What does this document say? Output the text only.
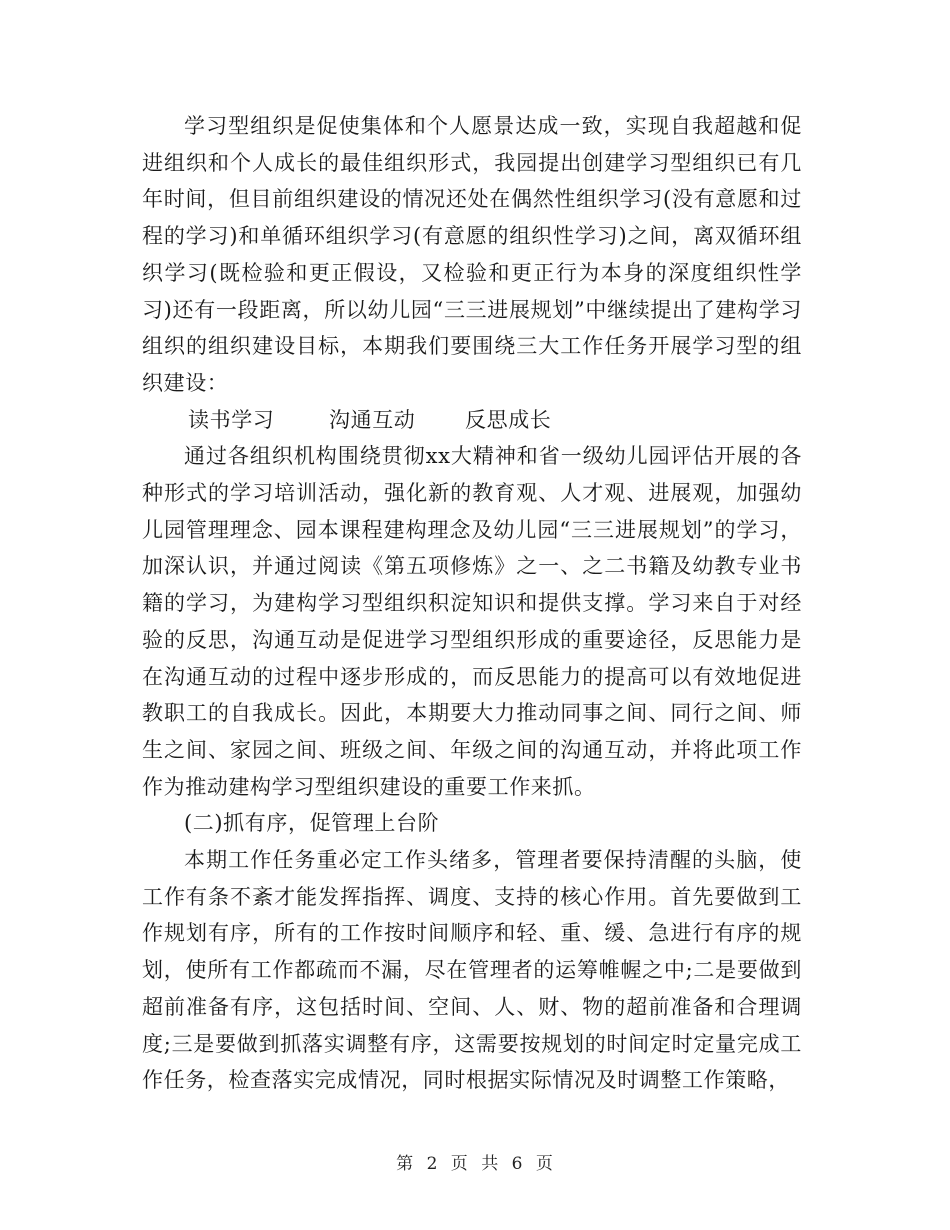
学习型组织是促使集体和个人愿景达成一致，实现自我超越和促进组织和个人成长的最佳组织形式，我园提出创建学习型组织已有几年时间，但目前组织建设的情况还处在偶然性组织学习(没有意愿和过程的学习)和单循环组织学习(有意愿的组织性学习)之间，离双循环组织学习(既检验和更正假设，又检验和更正行为本身的深度组织性学习)还有一段距离，所以幼儿园“三三进展规划”中继续提出了建构学习组织的组织建设目标，本期我们要围绕三大工作任务开展学习型的组织建设：

读书学习	沟通互动 反思成长

通过各组织机构围绕贯彻xx大精神和省一级幼儿园评估开展的各种形式的学习培训活动，强化新的教育观、人才观、进展观，加强幼儿园管理理念、园本课程建构理念及幼儿园“三三进展规划”的学习，加深认识，并通过阅读《第五项修炼》之一、之二书籍及幼教专业书籍的学习，为建构学习型组织积淀知识和提供支撑。学习来自于对经验的反思，沟通互动是促进学习型组织形成的重要途径，反思能力是在沟通互动的过程中逐步形成的，而反思能力的提高可以有效地促进教职工的自我成长。因此，本期要大力推动同事之间、同行之间、师生之间、家园之间、班级之间、年级之间的沟通互动，并将此项工作作为推动建构学习型组织建设的重要工作来抓。

(二)抓有序，促管理上台阶

本期工作任务重必定工作头绪多，管理者要保持清醒的头脑，使工作有条不紊才能发挥指挥、调度、支持的核心作用。首先要做到工作规划有序，所有的工作按时间顺序和轻、重、缓、急进行有序的规划，使所有工作都疏而不漏，尽在管理者的运筹帷幄之中;二是要做到超前准备有序，这包括时间、空间、人、财、物的超前准备和合理调度;三是要做到抓落实调整有序，这需要按规划的时间定时定量完成工作任务，检查落实完成情况，同时根据实际情况及时调整工作策略，

第 2 页 共 6 页
